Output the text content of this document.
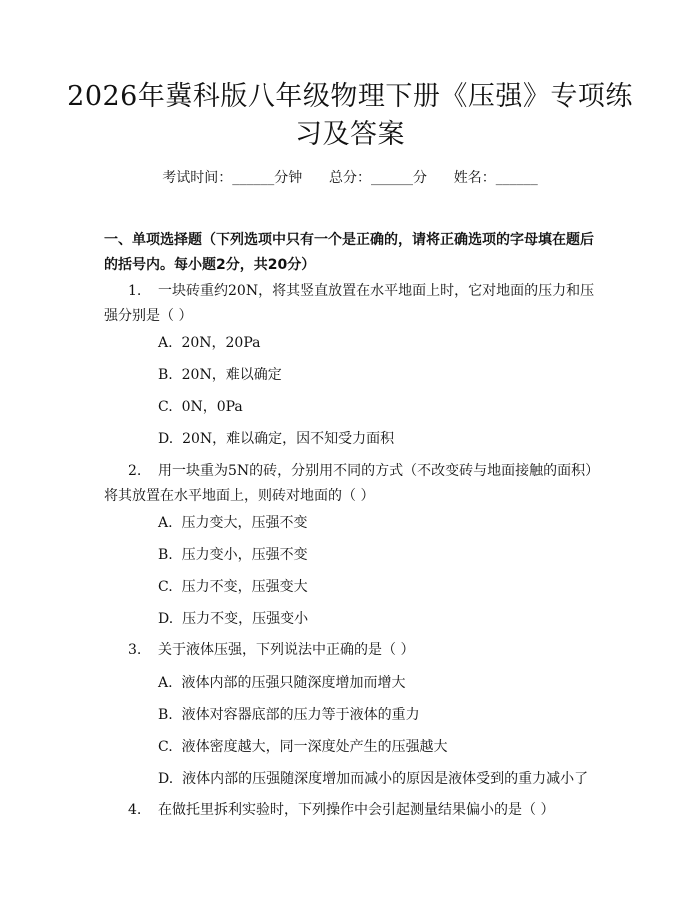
2026年冀科版八年级物理下册《压强》专项练习及答案
考试时间：______分钟      总分：______分      姓名：______
一、单项选择题（下列选项中只有一个是正确的，请将正确选项的字母填在题后的括号内。每小题2分，共20分）
1. 一块砖重约20N，将其竖直放置在水平地面上时，它对地面的压力和压强分别是（ ）
A.  20N，20Pa
B.  20N，难以确定
C.  0N，0Pa
D.  20N，难以确定，因不知受力面积
2. 用一块重为5N的砖，分别用不同的方式（不改变砖与地面接触的面积）将其放置在水平地面上，则砖对地面的（ ）
A.  压力变大，压强不变
B.  压力变小，压强不变
C.  压力不变，压强变大
D.  压力不变，压强变小
3. 关于液体压强，下列说法中正确的是（ ）
A.  液体内部的压强只随深度增加而增大
B.  液体对容器底部的压力等于液体的重力
C.  液体密度越大，同一深度处产生的压强越大
D.  液体内部的压强随深度增加而减小的原因是液体受到的重力减小了
4. 在做托里拆利实验时，下列操作中会引起测量结果偏小的是（ ）
